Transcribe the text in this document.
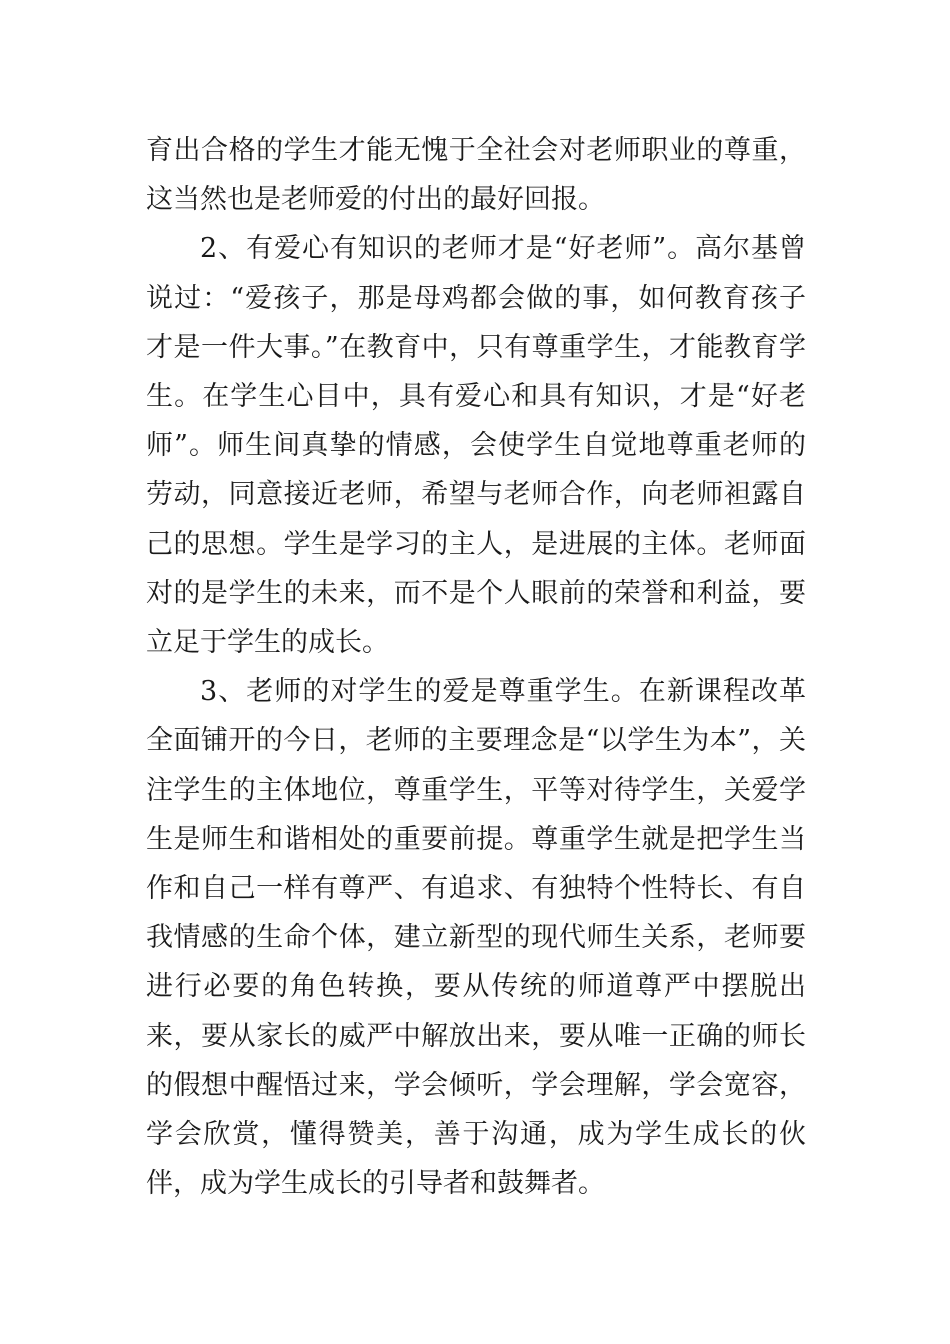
育出合格的学生才能无愧于全社会对老师职业的尊重，这当然也是老师爱的付出的最好回报。

2、有爱心有知识的老师才是“好老师”。高尔基曾说过：“爱孩子，那是母鸡都会做的事，如何教育孩子才是一件大事。”在教育中，只有尊重学生，才能教育学生。在学生心目中，具有爱心和具有知识，才是“好老师”。师生间真挚的情感，会使学生自觉地尊重老师的劳动，同意接近老师，希望与老师合作，向老师袒露自己的思想。学生是学习的主人，是进展的主体。老师面对的是学生的未来，而不是个人眼前的荣誉和利益，要立足于学生的成长。

3、老师的对学生的爱是尊重学生。在新课程改革全面铺开的今日，老师的主要理念是“以学生为本”，关注学生的主体地位，尊重学生，平等对待学生，关爱学生是师生和谐相处的重要前提。尊重学生就是把学生当作和自己一样有尊严、有追求、有独特个性特长、有自我情感的生命个体，建立新型的现代师生关系，老师要进行必要的角色转换，要从传统的师道尊严中摆脱出来，要从家长的威严中解放出来，要从唯一正确的师长的假想中醒悟过来，学会倾听，学会理解，学会宽容，学会欣赏，懂得赞美，善于沟通，成为学生成长的伙伴，成为学生成长的引导者和鼓舞者。
